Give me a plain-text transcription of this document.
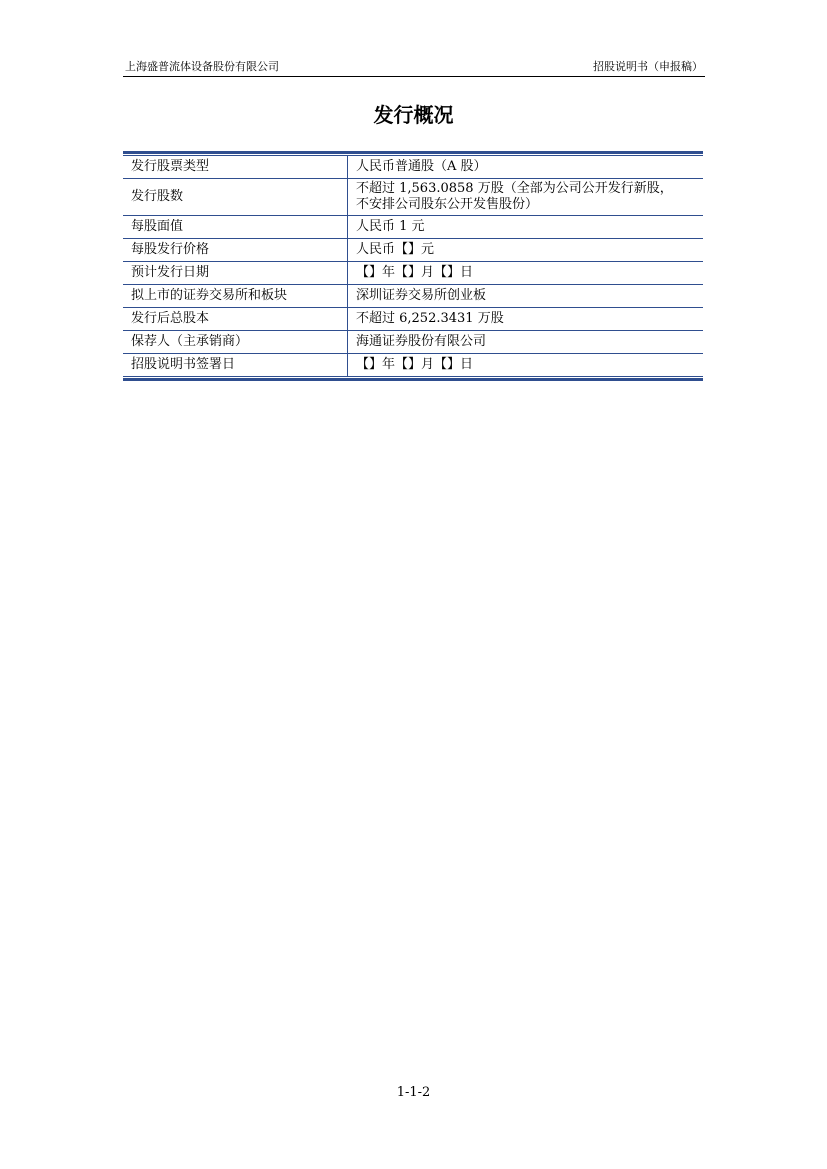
上海盛普流体设备股份有限公司	招股说明书（申报稿）
发行概况
发行股票类型	人民币普通股（A 股）
发行股数	不超过 1,563.0858 万股（全部为公司公开发行新股，
不安排公司股东公开发售股份）

每股面值	人民币 1 元
每股发行价格	人民币【】元
预计发行日期	【】年【】月【】日
拟上市的证券交易所和板块	深圳证券交易所创业板
发行后总股本	不超过 6,252.3431 万股
保荐人（主承销商）	海通证券股份有限公司
招股说明书签署日	【】年【】月【】日
1-1-2
